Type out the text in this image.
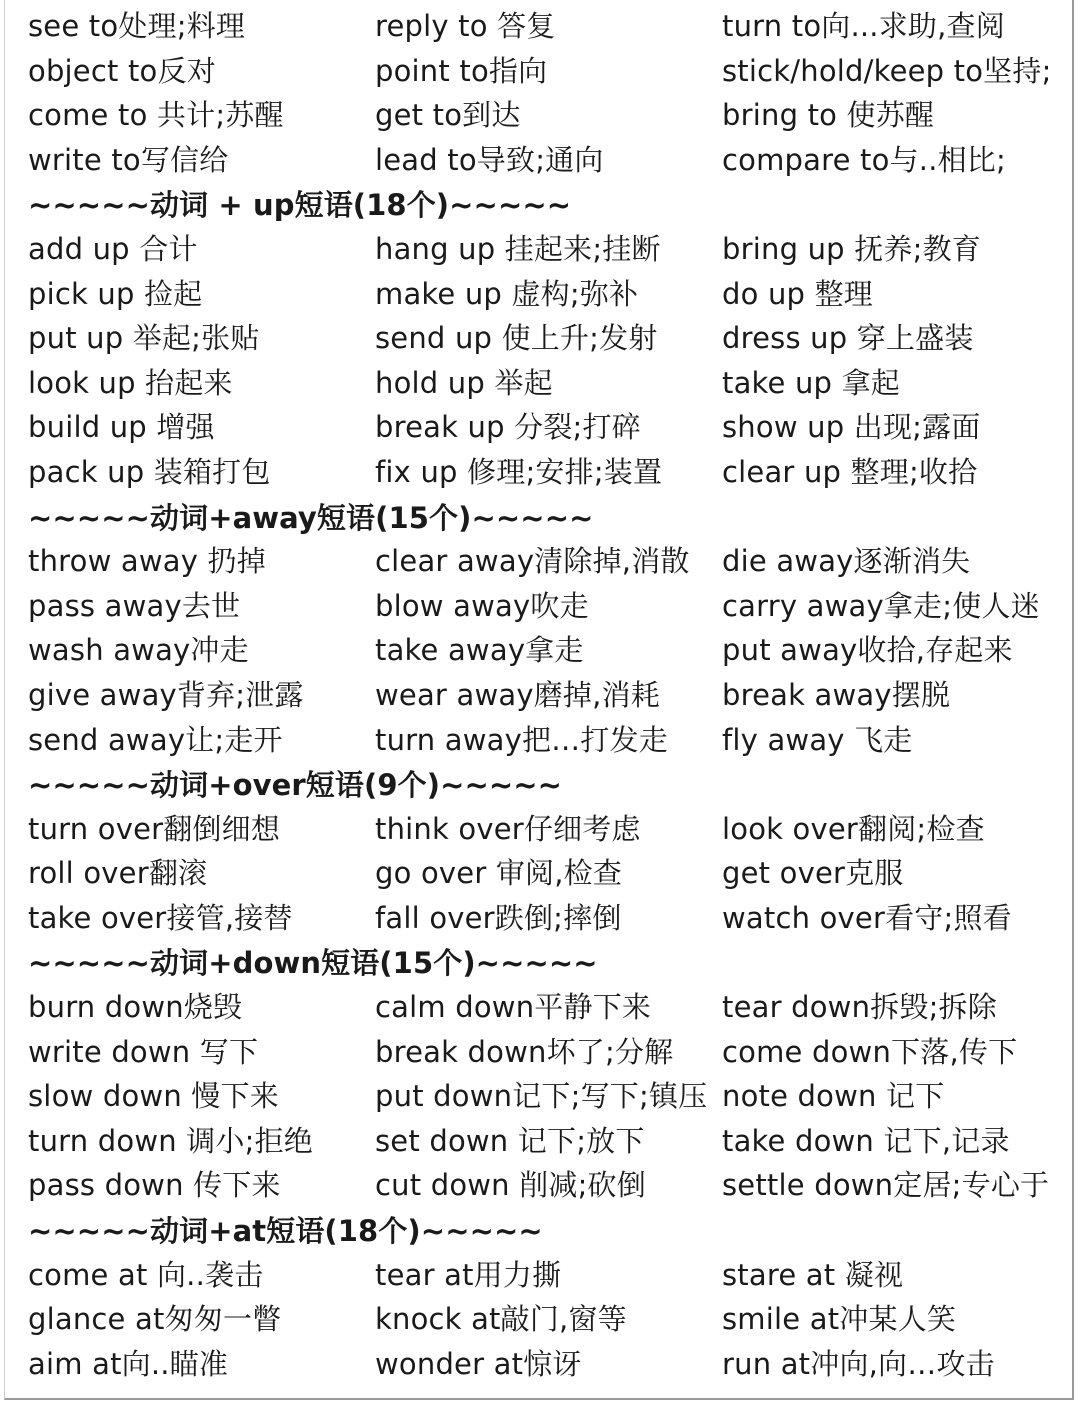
see to处理;料理	reply to 答复	turn to向...求助,查阅
object to反对	point to指向	stick/hold/keep to坚持;
come to 共计;苏醒	get to到达	bring to 使苏醒
write to写信给	lead to导致;通向	compare to与..相比;
~~~~~动词 + up短语(18个)~~~~~
add up 合计	hang up 挂起来;挂断 bring up 抚养;教育
pick up 捡起	make up 虚构;弥补	do up 整理
put up 举起;张贴	send up 使上升;发射 dress up 穿上盛装
look up 抬起来	hold up 举起	take up 拿起
build up 增强	break up 分裂;打碎	show up 出现;露面
pack up 装箱打包	fix up 修理;安排;装置 clear up 整理;收拾
~~~~~动词+away短语(15个)~~~~~
throw away 扔掉	clear away清除掉,消散 die away逐渐消失
pass away去世	blow away吹走	carry away拿走;使人迷
wash away冲走	take away拿走	put away收拾,存起来
give away背弃;泄露 wear away磨掉,消耗 break away摆脱
send away让;走开	turn away把…打发走 fly away 飞走
~~~~~动词+over短语(9个)~~~~~
turn over翻倒细想	think over仔细考虑	look over翻阅;检查
roll over翻滚	go over 审阅,检查	get over克服
take over接管,接替	fall over跌倒;摔倒	watch over看守;照看
~~~~~动词+down短语(15个)~~~~~
burn down烧毁	calm down平静下来 tear down拆毁;拆除
write down 写下	break down坏了;分解 come down下落,传下
slow down 慢下来	put down记下;写下;镇压 note down 记下
turn down 调小;拒绝 set down 记下;放下	take down 记下,记录
pass down 传下来	cut down 削减;砍倒	settle down定居;专心于
~~~~~动词+at短语(18个)~~~~~
come at 向..袭击	tear at用力撕	stare at 凝视
glance at匆匆一瞥	knock at敲门,窗等	smile at冲某人笑
aim at向..瞄准	wonder at惊讶	run at冲向,向…攻击
